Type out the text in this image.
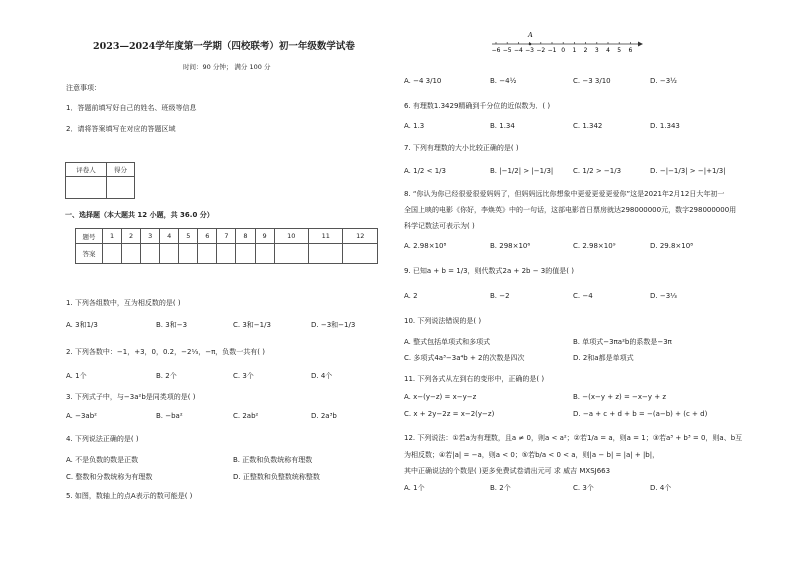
2023—2024学年度第一学期（四校联考）初一年级数学试卷
时间：90 分钟； 满分 100 分
注意事项：
1．答题前填写好自己的姓名、班级等信息
2．请将答案填写在对应的答题区域
评卷人	得分

一、选择题（本大题共 12 小题，共 36.0 分）
题号	1	2	3	4	5	6	7	8	9	10	11	12
答案												
1. 下列各组数中，互为相反数的是( )
A. 3和1/3	B. 3和−3	C. 3和−1/3	D. −3和−1/3
2. 下列各数中：−1，+3，0，0.2，−2⅓，−π，负数一共有( )
A. 1个	B. 2个	C. 3个	D. 4个
3. 下列式子中，与−3a²b是同类项的是( )
A. −3ab²	B. −ba²	C. 2ab²	D. 2a³b
4. 下列说法正确的是( )
A. 不是负数的数是正数	B. 正数和负数统称有理数
C. 整数和分数统称为有理数	D. 正整数和负整数统称整数
5. 如图，数轴上的点A表示的数可能是( )
−6 −5 −4 −3 −2 −1 0 1 2 3 4 5 6
A
A. −4 3/10	B. −4½	C. −3 3/10	D. −3½
6. 有理数1.3429精确到千分位的近似数为．( )
A. 1.3	B. 1.34	C. 1.342	D. 1.343
7. 下列有理数的大小比较正确的是( )
A. 1/2 < 1/3	B. |−1/2| > |−1/3|	C. 1/2 > −1/3	D. −|−1/3| > −|+1/3|
8. “你认为你已经很爱很爱妈妈了，但妈妈远比你想象中更爱更爱更爱你”这是2021年2月12日大年初一
全国上映的电影《你好，李焕英》中的一句话，这部电影首日票房就达298000000元，数字298000000用
科学记数法可表示为( )
A. 2.98×10⁸	B. 298×10⁶	C. 2.98×10⁹	D. 29.8×10⁸
9. 已知a + b = 1/3，则代数式2a + 2b − 3的值是( )
A. 2	B. −2	C. −4	D. −3⅓
10. 下列说法错误的是( )
A. 整式包括单项式和多项式	B. 单项式−3πa²b的系数是−3π
C. 多项式4a³−3a⁴b + 2的次数是四次	D. 2和a都是单项式
11. 下列各式从左到右的变形中，正确的是( )
A. x−(y−z) = x−y−z	B. −(x−y + z) = −x−y + z
C. x + 2y−2z = x−2(y−z)	D. −a + c + d + b = −(a−b) + (c + d)
12. 下列说法：①若a为有理数，且a ≠ 0，则a < a²；②若1/a = a，则a = 1；③若a³ + b³ = 0，则a、b互
为相反数；④若|a| = −a，则a < 0；⑤若b/a < 0 < a，则|a − b| = |a| + |b|，
其中正确说法的个数是( )更多免费试卷请出元可 求 威吉 MXSJ663
A. 1个	B. 2个	C. 3个	D. 4个
